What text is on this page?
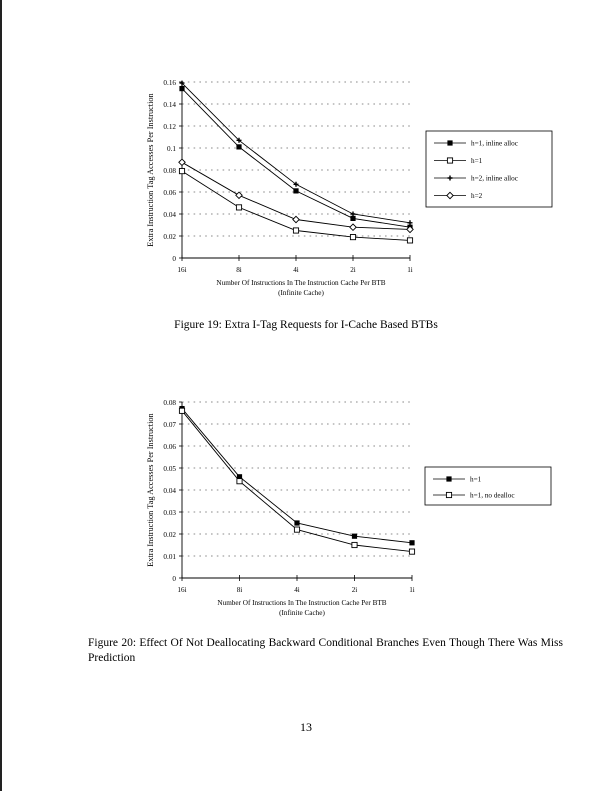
0
0.02
0.04
0.06
0.08
0.1
0.12
0.14
0.16
16i	8i	4i	2i	1i
Number Of Instructions In The Instruction Cache Per BTB
(Infinite Cache)
Extra Instruction Tag Accesses Per Instruction	h=1, inline alloc
h=1
h=2, inline alloc
h=2
Figure 19: Extra I-Tag Requests for I-Cache Based BTBs
0
0.01
0.02
0.03
0.04
0.05
0.06
0.07
0.08
16i	8i	4i	2i	1i
Number Of Instructions In The Instruction Cache Per BTB
(Infinite Cache)
Extra Instruction Tag Accesses Per Instruction	h=1
h=1, no dealloc
Figure 20: Effect Of Not Deallocating Backward Conditional Branches Even Though There Was Miss Prediction
13
